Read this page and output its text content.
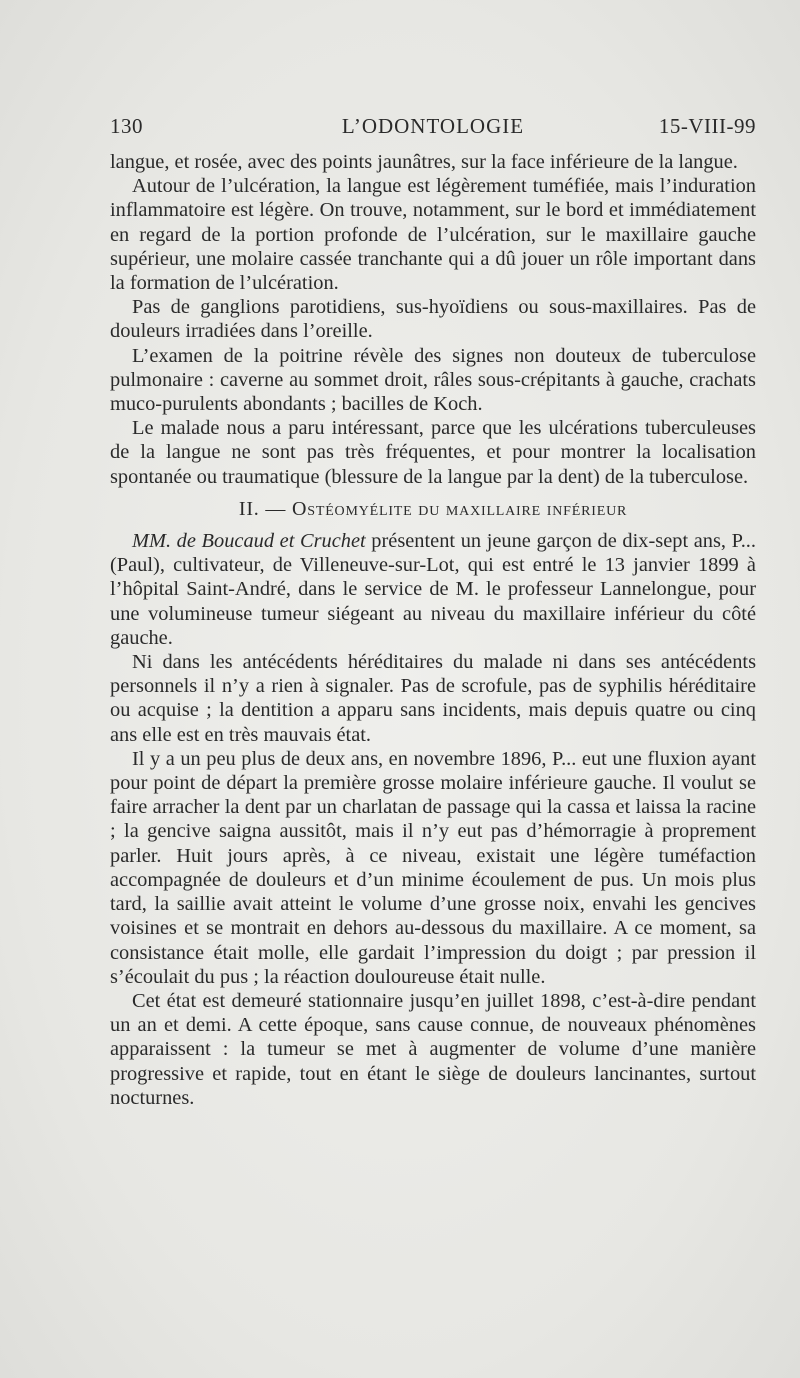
130	L’ODONTOLOGIE	15-VIII-99

langue, et rosée, avec des points jaunâtres, sur la face inférieure de la langue.

Autour de l’ulcération, la langue est légèrement tuméfiée, mais l’induration inflammatoire est légère. On trouve, notamment, sur le bord et immédiatement en regard de la portion profonde de l’ulcération, sur le maxillaire gauche supérieur, une molaire cassée tranchante qui a dû jouer un rôle important dans la formation de l’ulcération.

Pas de ganglions parotidiens, sus-hyoïdiens ou sous-maxillaires. Pas de douleurs irradiées dans l’oreille.

L’examen de la poitrine révèle des signes non douteux de tuberculose pulmonaire : caverne au sommet droit, râles sous-crépitants à gauche, crachats muco-purulents abondants ; bacilles de Koch.

Le malade nous a paru intéressant, parce que les ulcérations tuberculeuses de la langue ne sont pas très fréquentes, et pour montrer la localisation spontanée ou traumatique (blessure de la langue par la dent) de la tuberculose.

II. — Ostéomyélite du maxillaire inférieur

MM. de Boucaud et Cruchet présentent un jeune garçon de dix-sept ans, P... (Paul), cultivateur, de Villeneuve-sur-Lot, qui est entré le 13 janvier 1899 à l’hôpital Saint-André, dans le service de M. le professeur Lannelongue, pour une volumineuse tumeur siégeant au niveau du maxillaire inférieur du côté gauche.

Ni dans les antécédents héréditaires du malade ni dans ses antécédents personnels il n’y a rien à signaler. Pas de scrofule, pas de syphilis héréditaire ou acquise ; la dentition a apparu sans incidents, mais depuis quatre ou cinq ans elle est en très mauvais état.

Il y a un peu plus de deux ans, en novembre 1896, P... eut une fluxion ayant pour point de départ la première grosse molaire inférieure gauche. Il voulut se faire arracher la dent par un charlatan de passage qui la cassa et laissa la racine ; la gencive saigna aussitôt, mais il n’y eut pas d’hémorragie à proprement parler. Huit jours après, à ce niveau, existait une légère tuméfaction accompagnée de douleurs et d’un minime écoulement de pus. Un mois plus tard, la saillie avait atteint le volume d’une grosse noix, envahi les gencives voisines et se montrait en dehors au-dessous du maxillaire. A ce moment, sa consistance était molle, elle gardait l’impression du doigt ; par pression il s’écoulait du pus ; la réaction douloureuse était nulle.

Cet état est demeuré stationnaire jusqu’en juillet 1898, c’est-à-dire pendant un an et demi. A cette époque, sans cause connue, de nouveaux phénomènes apparaissent : la tumeur se met à augmenter de volume d’une manière progressive et rapide, tout en étant le siège de douleurs lancinantes, surtout nocturnes.
